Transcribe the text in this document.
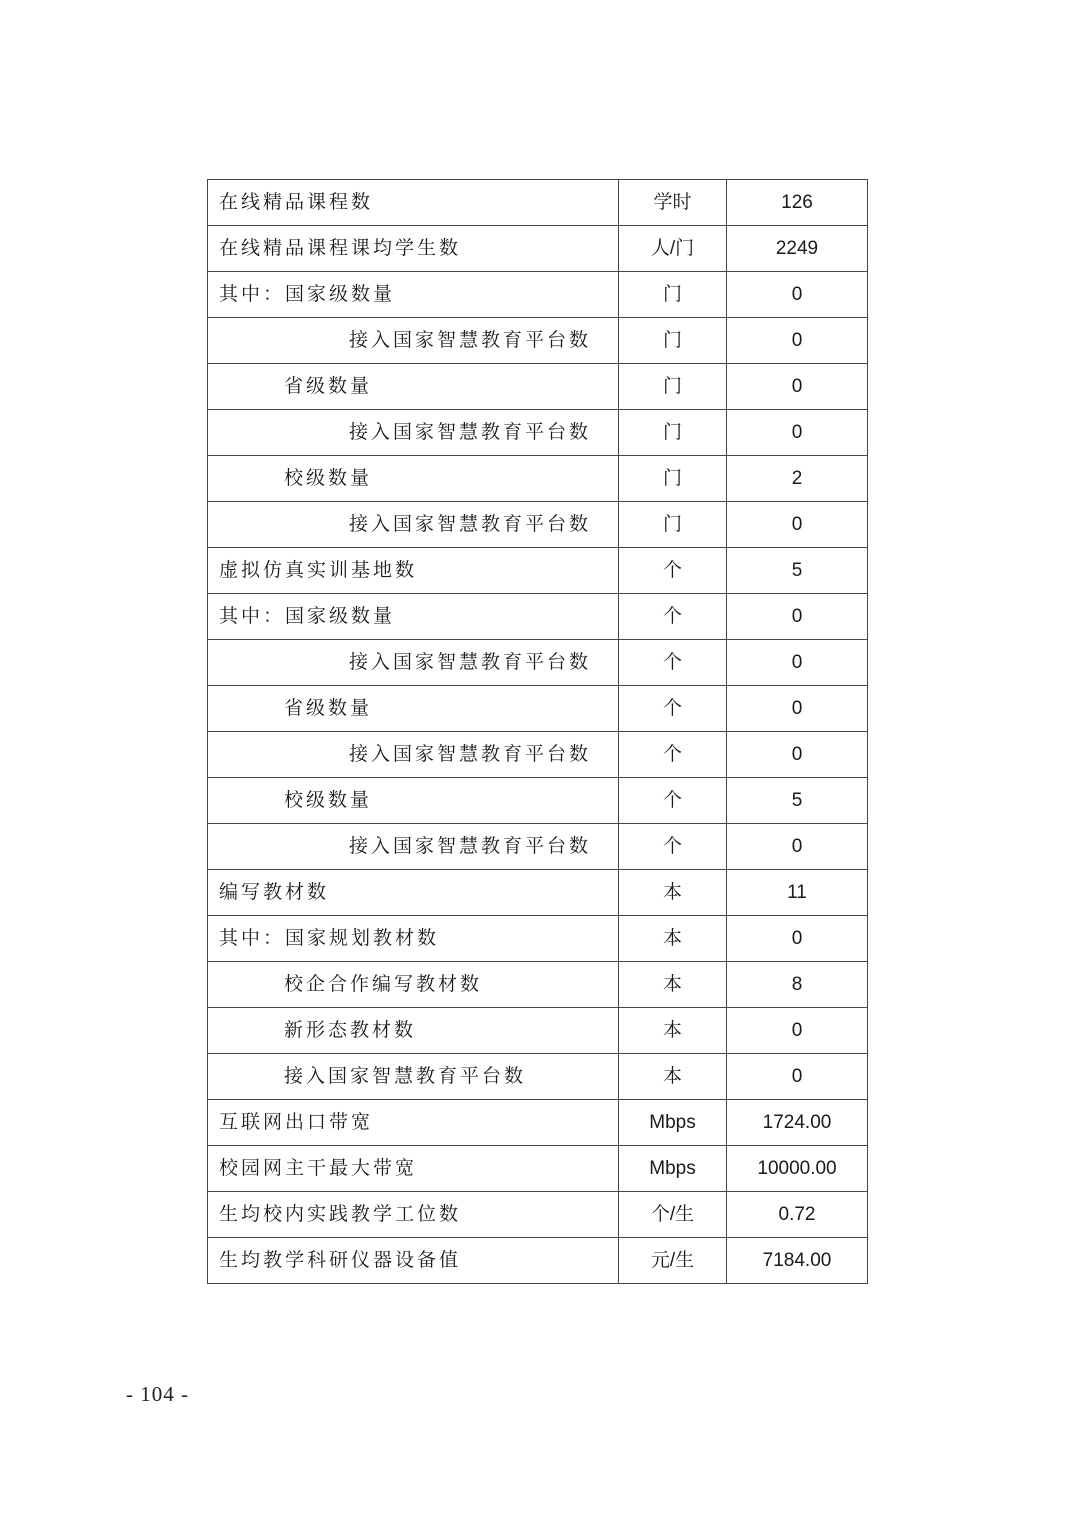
在线精品课程数	学时	126
在线精品课程课均学生数	人/门	2249
其中：国家级数量	门	0
接入国家智慧教育平台数	门	0
省级数量	门	0
接入国家智慧教育平台数	门	0
校级数量	门	2
接入国家智慧教育平台数	门	0
虚拟仿真实训基地数	个	5
其中：国家级数量	个	0
接入国家智慧教育平台数	个	0
省级数量	个	0
接入国家智慧教育平台数	个	0
校级数量	个	5
接入国家智慧教育平台数	个	0
编写教材数	本	11
其中：国家规划教材数	本	0
校企合作编写教材数	本	8
新形态教材数	本	0
接入国家智慧教育平台数	本	0
互联网出口带宽	Mbps	1724.00
校园网主干最大带宽	Mbps	10000.00
生均校内实践教学工位数	个/生	0.72
生均教学科研仪器设备值	元/生	7184.00
- 104 -
